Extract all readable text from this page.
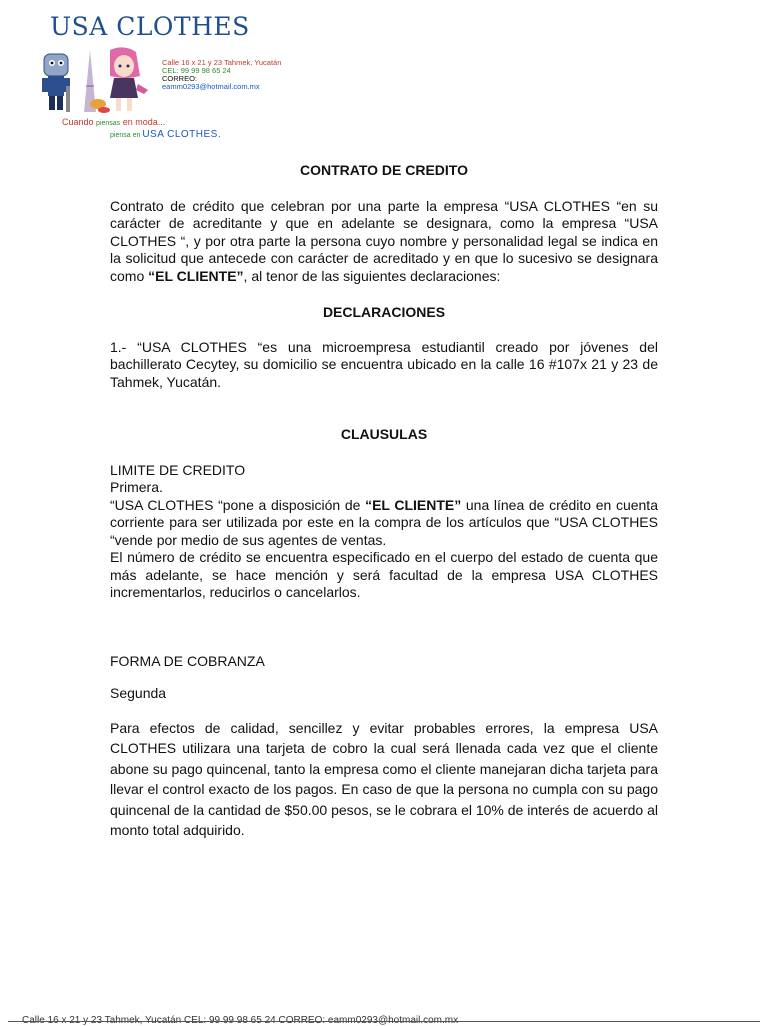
USA CLOTHES
Calle 16 x 21 y 23 Tahmek, Yucatán
CEL: 99 99 98 65 24
CORREO:
eamm0293@hotmail.com.mx
Cuando piensas en moda...
piensa en USA CLOTHES.

CONTRATO DE CREDITO

Contrato de crédito que celebran por una parte la empresa “USA CLOTHES “en su carácter de acreditante y que en adelante se designara, como la empresa “USA CLOTHES “, y por otra parte la persona cuyo nombre y personalidad legal se indica en la solicitud que antecede con carácter de acreditado y en que lo sucesivo se designara como “EL CLIENTE”, al tenor de las siguientes declaraciones:

DECLARACIONES

1.- “USA CLOTHES “es una microempresa estudiantil creado por jóvenes del bachillerato Cecytey, su domicilio se encuentra ubicado en la calle 16 #107x 21 y 23 de Tahmek, Yucatán.

CLAUSULAS

LIMITE DE CREDITO

Primera.

“USA CLOTHES “pone a disposición de “EL CLIENTE” una línea de crédito en cuenta corriente para ser utilizada por este en la compra de los artículos que “USA CLOTHES “vende por medio de sus agentes de ventas.

El número de crédito se encuentra especificado en el cuerpo del estado de cuenta que más adelante, se hace mención y será facultad de la empresa USA CLOTHES incrementarlos, reducirlos o cancelarlos.

FORMA DE COBRANZA

Segunda

Para efectos de calidad, sencillez y evitar probables errores, la empresa USA CLOTHES utilizara una tarjeta de cobro la cual será llenada cada vez que el cliente abone su pago quincenal, tanto la empresa como el cliente manejaran dicha tarjeta para llevar el control exacto de los pagos. En caso de que la persona no cumpla con su pago quincenal de la cantidad de $50.00 pesos, se le cobrara el 10% de interés de acuerdo al monto total adquirido.
